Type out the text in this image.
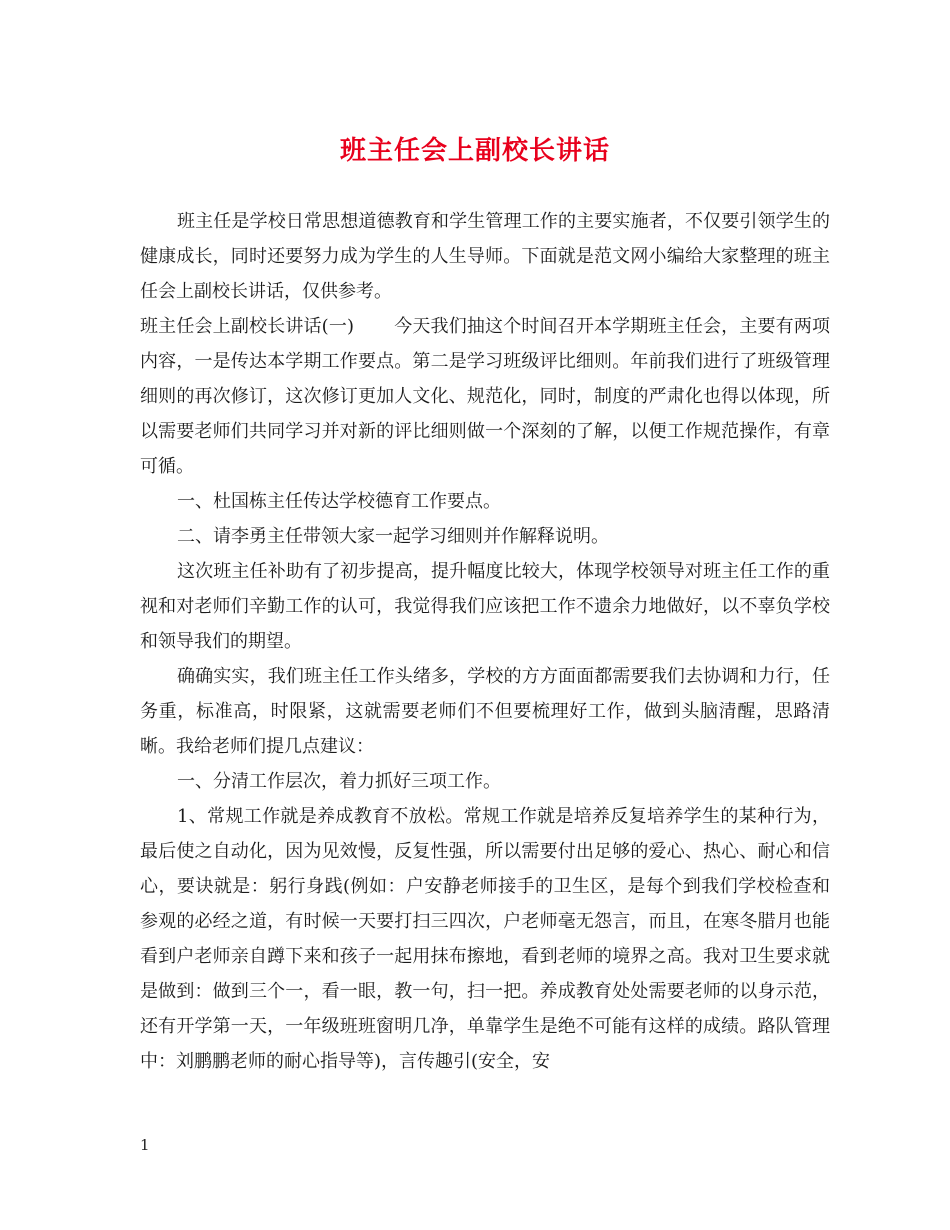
班主任会上副校长讲话

班主任是学校日常思想道德教育和学生管理工作的主要实施者，不仅要引领学生的健康成长，同时还要努力成为学生的人生导师。下面就是范文网小编给大家整理的班主任会上副校长讲话，仅供参考。

班主任会上副校长讲话(一) 今天我们抽这个时间召开本学期班主任会，主要有两项内容，一是传达本学期工作要点。第二是学习班级评比细则。年前我们进行了班级管理细则的再次修订，这次修订更加人文化、规范化，同时，制度的严肃化也得以体现，所以需要老师们共同学习并对新的评比细则做一个深刻的了解，以便工作规范操作，有章可循。

一、杜国栋主任传达学校德育工作要点。

二、请李勇主任带领大家一起学习细则并作解释说明。

这次班主任补助有了初步提高，提升幅度比较大，体现学校领导对班主任工作的重视和对老师们辛勤工作的认可，我觉得我们应该把工作不遗余力地做好，以不辜负学校和领导我们的期望。

确确实实，我们班主任工作头绪多，学校的方方面面都需要我们去协调和力行，任务重，标准高，时限紧，这就需要老师们不但要梳理好工作，做到头脑清醒，思路清晰。我给老师们提几点建议：

一、分清工作层次，着力抓好三项工作。

1、常规工作就是养成教育不放松。常规工作就是培养反复培养学生的某种行为，最后使之自动化，因为见效慢，反复性强，所以需要付出足够的爱心、热心、耐心和信心，要诀就是：躬行身践(例如：户安静老师接手的卫生区，是每个到我们学校检查和参观的必经之道，有时候一天要打扫三四次，户老师毫无怨言，而且，在寒冬腊月也能看到户老师亲自蹲下来和孩子一起用抹布擦地，看到老师的境界之高。我对卫生要求就是做到：做到三个一，看一眼，教一句，扫一把。养成教育处处需要老师的以身示范，还有开学第一天，一年级班班窗明几净，单靠学生是绝不可能有这样的成绩。路队管理中：刘鹏鹏老师的耐心指导等)，言传趣引(安全，安

1
